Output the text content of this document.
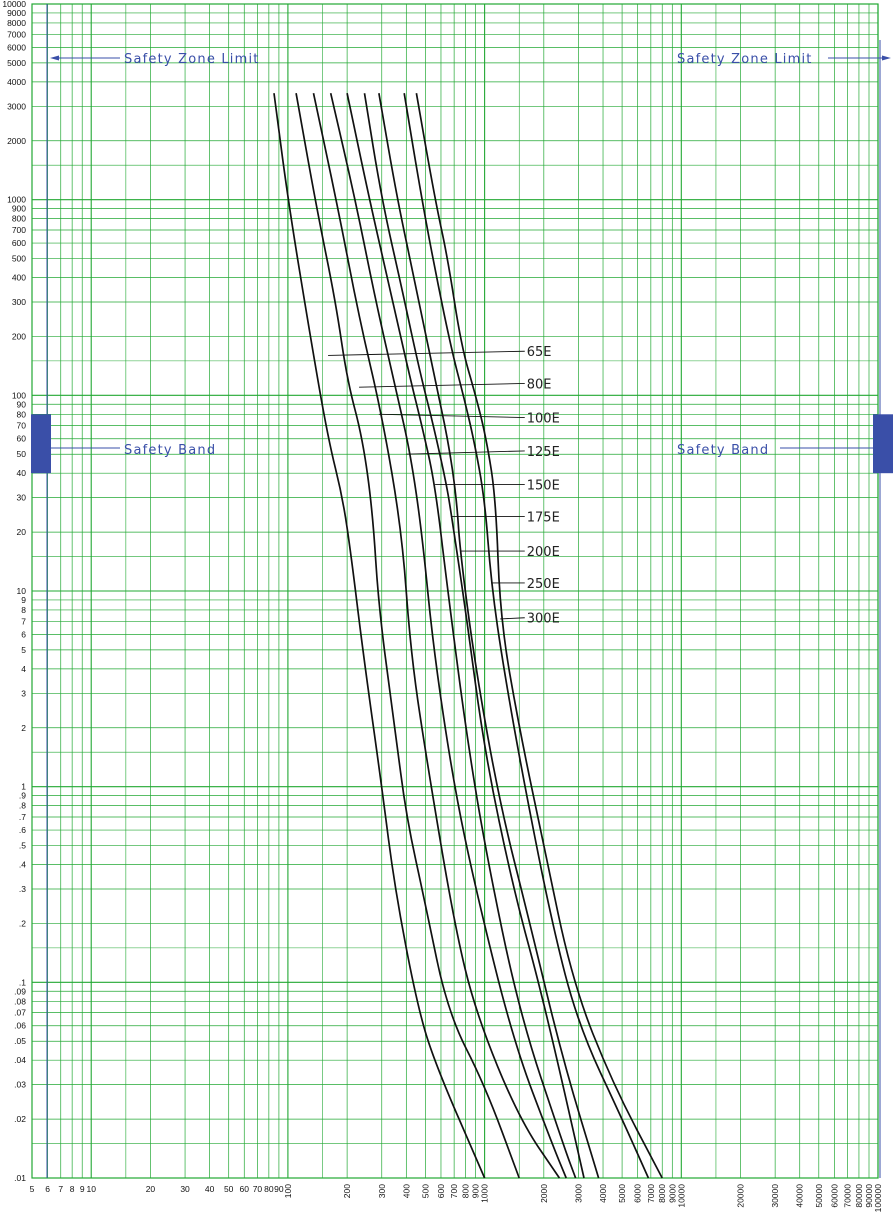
10000
9000
8000
7000
6000
5000
4000
3000
2000
1000
900
800
700
600
500
400
300
200
100
90
80
70
60
50
40
30
20
10
9
8
7
6
5
4
3
2
1
.9
.8
.7
.6
.5
.4
.3
.2
.1
.09
.08
.07
.06
.05
.04
.03
.02
.01
5 6 7 8 9 10	20	30 40 50 60 70 80 90 100	200	300 400 500 600 700 800 900 1000	2000	3000 4000 5000 6000 7000 8000 9000 10000	20000	30000 40000 50000 60000 70000 80000 90000 100000
65E
80E
100E
125E
150E
175E
200E
250E
300E
Safety Zone Limit	Safety Zone Limit
Safety Band	Safety Band
